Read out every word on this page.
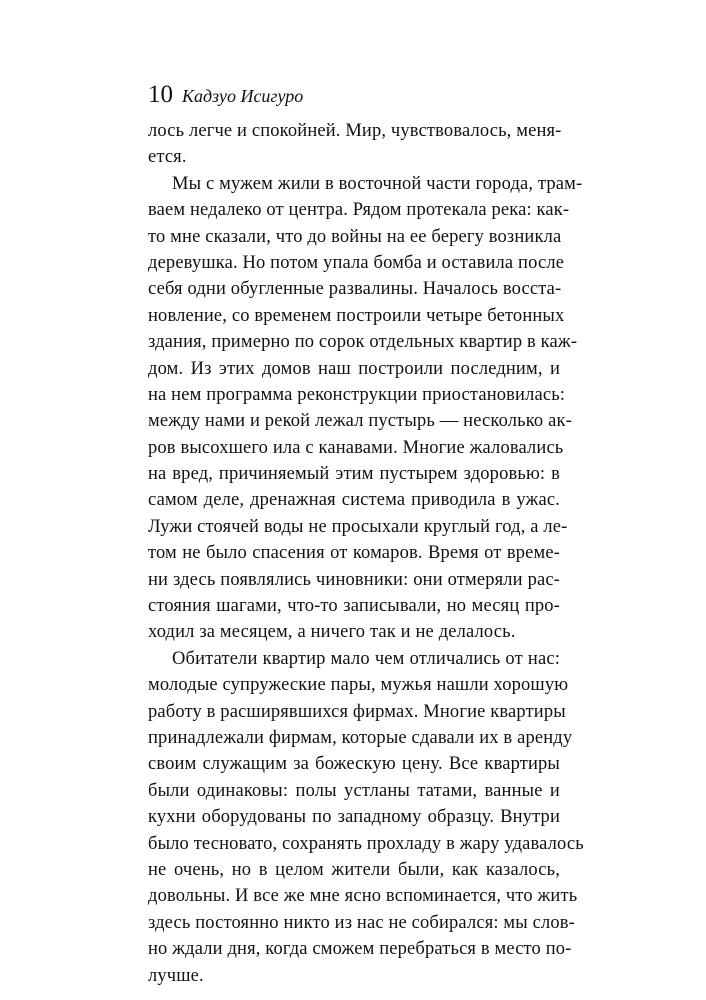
10 Кадзуо Исигуро
лось легче и спокойней. Мир, чувствовалось, меня-
ется.
Мы с мужем жили в восточной части города, трам-
ваем недалеко от центра. Рядом протекала река: как-
то мне сказали, что до войны на ее берегу возникла
деревушка. Но потом упала бомба и оставила после
себя одни обугленные развалины. Началось восста-
новление, со временем построили четыре бетонных
здания, примерно по сорок отдельных квартир в каж-
дом. Из этих домов наш построили последним, и
на нем программа реконструкции приостановилась:
между нами и рекой лежал пустырь — несколько ак-
ров высохшего ила с канавами. Многие жаловались
на вред, причиняемый этим пустырем здоровью: в
самом деле, дренажная система приводила в ужас.
Лужи стоячей воды не просыхали круглый год, а ле-
том не было спасения от комаров. Время от време-
ни здесь появлялись чиновники: они отмеряли рас-
стояния шагами, что-то записывали, но месяц про-
ходил за месяцем, а ничего так и не делалось.
Обитатели квартир мало чем отличались от нас:
молодые супружеские пары, мужья нашли хорошую
работу в расширявшихся фирмах. Многие квартиры
принадлежали фирмам, которые сдавали их в аренду
своим служащим за божескую цену. Все квартиры
были одинаковы: полы устланы татами, ванные и
кухни оборудованы по западному образцу. Внутри
было тесновато, сохранять прохладу в жару удавалось
не очень, но в целом жители были, как казалось,
довольны. И все же мне ясно вспоминается, что жить
здесь постоянно никто из нас не собирался: мы слов-
но ждали дня, когда сможем перебраться в место по-
лучше.
